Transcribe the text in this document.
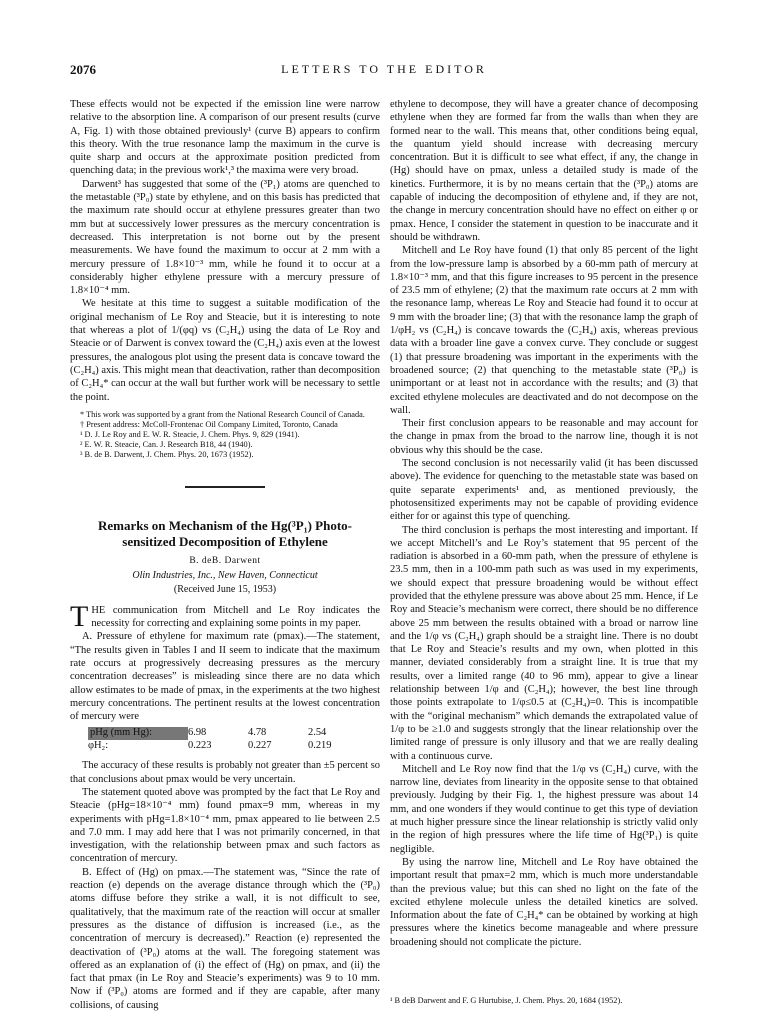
2076	LETTERS TO THE EDITOR

These effects would not be expected if the emission line were narrow relative to the absorption line. A comparison of our present results (curve A, Fig. 1) with those obtained previously¹ (curve B) appears to confirm this theory. With the true resonance lamp the maximum in the curve is quite sharp and occurs at the approximate position predicted from quenching data; in the previous work¹,³ the maxima were very broad.

Darwent³ has suggested that some of the (³P₁) atoms are quenched to the metastable (³P₀) state by ethylene, and on this basis has predicted that the maximum rate should occur at ethylene pressures greater than two mm but at successively lower pressures as the mercury concentration is decreased. This interpretation is not borne out by the present measurements. We have found the maximum to occur at 2 mm with a mercury pressure of 1.8×10⁻³ mm, while he found it to occur at a considerably higher ethylene pressure with a mercury pressure of 1.8×10⁻⁴ mm.

We hesitate at this time to suggest a suitable modification of the original mechanism of Le Roy and Steacie, but it is interesting to note that whereas a plot of 1/(φq) vs (C₂H₄) using the data of Le Roy and Steacie or of Darwent is convex toward the (C₂H₄) axis even at the lowest pressures, the analogous plot using the present data is concave toward the (C₂H₄) axis. This might mean that deactivation, rather than decomposition of C₂H₄* can occur at the wall but further work will be necessary to settle the point.

* This work was supported by a grant from the National Research Council of Canada.

† Present address: McColl-Frontenac Oil Company Limited, Toronto, Canada

¹ D. J. Le Roy and E. W. R. Steacie, J. Chem. Phys. 9, 829 (1941).

² E. W. R. Steacie, Can. J. Research B18, 44 (1940).

³ B. de B. Darwent, J. Chem. Phys. 20, 1673 (1952).

Remarks on Mechanism of the Hg(³P₁) Photo-sensitized Decomposition of Ethylene
B. deB. Darwent
Olin Industries, Inc., New Haven, Connecticut
(Received June 15, 1953)

THE communication from Mitchell and Le Roy indicates the necessity for correcting and explaining some points in my paper.

A. Pressure of ethylene for maximum rate (pmax).—The statement, “The results given in Tables I and II seem to indicate that the maximum rate occurs at progressively decreasing pressures as the mercury concentration decreases” is misleading since there are no data which allow estimates to be made of pmax, in the experiments at the two highest mercury concentrations. The pertinent results at the lowest concentration of mercury were

pHg (mm Hg):	6.98	4.78	2.54
φH₂:	0.223	0.227	0.219

The accuracy of these results is probably not greater than ±5 percent so that conclusions about pmax would be very uncertain.

The statement quoted above was prompted by the fact that Le Roy and Steacie (pHg=18×10⁻⁴ mm) found pmax=9 mm, whereas in my experiments with pHg=1.8×10⁻⁴ mm, pmax appeared to lie between 2.5 and 7.0 mm. I may add here that I was not primarily concerned, in that investigation, with the relationship between pmax and such factors as concentration of mercury.

B. Effect of (Hg) on pmax.—The statement was, “Since the rate of reaction (e) depends on the average distance through which the (³P₀) atoms diffuse before they strike a wall, it is not difficult to see, qualitatively, that the maximum rate of the reaction will occur at smaller pressures as the distance of diffusion is increased (i.e., as the concentration of mercury is decreased).” Reaction (e) represented the deactivation of (³P₀) atoms at the wall. The foregoing statement was offered as an explanation of (i) the effect of (Hg) on pmax, and (ii) the fact that pmax (in Le Roy and Steacie’s experiments) was 9 to 10 mm. Now if (³P₀) atoms are formed and if they are capable, after many collisions, of causing

ethylene to decompose, they will have a greater chance of decomposing ethylene when they are formed far from the walls than when they are formed near to the wall. This means that, other conditions being equal, the quantum yield should increase with decreasing mercury concentration. But it is difficult to see what effect, if any, the change in (Hg) should have on pmax, unless a detailed study is made of the kinetics. Furthermore, it is by no means certain that the (³P₀) atoms are capable of inducing the decomposition of ethylene and, if they are not, the change in mercury concentration should have no effect on either φ or pmax. Hence, I consider the statement in question to be inaccurate and it should be withdrawn.

Mitchell and Le Roy have found (1) that only 85 percent of the light from the low-pressure lamp is absorbed by a 60-mm path of mercury at 1.8×10⁻³ mm, and that this figure increases to 95 percent in the presence of 23.5 mm of ethylene; (2) that the maximum rate occurs at 2 mm with the resonance lamp, whereas Le Roy and Steacie had found it to occur at 9 mm with the broader line; (3) that with the resonance lamp the graph of 1/φH₂ vs (C₂H₄) is concave towards the (C₂H₄) axis, whereas previous data with a broader line gave a convex curve. They conclude or suggest (1) that pressure broadening was important in the experiments with the broadened source; (2) that quenching to the metastable state (³P₀) is unimportant or at least not in accordance with the results; and (3) that excited ethylene molecules are deactivated and do not decompose on the wall.

Their first conclusion appears to be reasonable and may account for the change in pmax from the broad to the narrow line, though it is not obvious why this should be the case.

The second conclusion is not necessarily valid (it has been discussed above). The evidence for quenching to the metastable state was based on quite separate experiments¹ and, as mentioned previously, the photosensitized experiments may not be capable of providing evidence either for or against this type of quenching.

The third conclusion is perhaps the most interesting and important. If we accept Mitchell’s and Le Roy’s statement that 95 percent of the radiation is absorbed in a 60-mm path, when the pressure of ethylene is 23.5 mm, then in a 100-mm path such as was used in my experiments, we should expect that pressure broadening would be without effect provided that the ethylene pressure was above about 25 mm. Hence, if Le Roy and Steacie’s mechanism were correct, there should be no difference above 25 mm between the results obtained with a broad or narrow line and the 1/φ vs (C₂H₄) graph should be a straight line. There is no doubt that Le Roy and Steacie’s results and my own, when plotted in this manner, deviated considerably from a straight line. It is true that my results, over a limited range (40 to 96 mm), appear to give a linear relationship between 1/φ and (C₂H₄); however, the best line through those points extrapolate to 1/φ≤0.5 at (C₂H₄)=0. This is incompatible with the “original mechanism” which demands the extrapolated value of 1/φ to be ≥1.0 and suggests strongly that the linear relationship over the limited range of pressure is only illusory and that we are really dealing with a continuous curve.

Mitchell and Le Roy now find that the 1/φ vs (C₂H₄) curve, with the narrow line, deviates from linearity in the opposite sense to that obtained previously. Judging by their Fig. 1, the highest pressure was about 14 mm, and one wonders if they would continue to get this type of deviation at much higher pressure since the linear relationship is strictly valid only in the region of high pressures where the life time of Hg(³P₁) is quite negligible.

By using the narrow line, Mitchell and Le Roy have obtained the important result that pmax=2 mm, which is much more understandable than the previous value; but this can shed no light on the fate of the excited ethylene molecule unless the detailed kinetics are solved. Information about the fate of C₂H₄* can be obtained by working at high pressures where the kinetics become manageable and where pressure broadening should not complicate the picture.

¹ B deB Darwent and F. G Hurtubise, J. Chem. Phys. 20, 1684 (1952).
